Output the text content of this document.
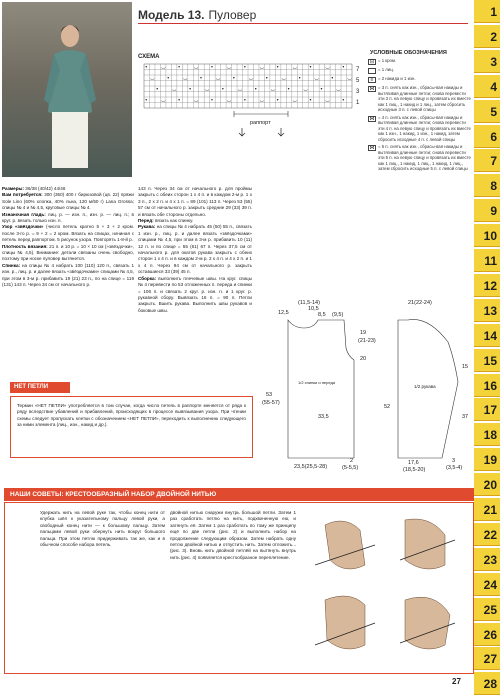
Модель 13. Пуловер
СХЕМА
•	◡ •	◡ •	◡ •	◡ •	◡ •	◡ •
◡ •	◡ •	◡ •	◡ •	◡ •	◡ •	◡
•	◡ •	◡ •	◡ •	◡ •	◡ •	◡
•	◡ •	◡ •	◡ •	◡ •	◡ •	◡ •
7
5
3
1
раппорт
УСЛОВНЫЕ ОБОЗНАЧЕНИЯ
⊟ = 1 кром.
= 1 лиц.
≡	= 2 накида и 1 изн.
⋈ = 3 п. снять как изн., сбрасы-вая накиды и вытягивая длинные петли; снова перевести эти 3 п. на левую спицу и провязать их вместе как 1 лиц., 1 накид и 1 лиц., затем сбросить исходные 3 п. с левой спицы
⋈ = 4 п. снять как изн., сбрасы-вая накиды и вытягивая длинные петли; снова перевести эти 4 п. на левую спицу и провязать их вместе как 1 изн., 1 накид, 1 изн., 1 накид, затем сбросить исходные 4 п. с левой спицы
⋈ = 5 п. снять как изн., сбрасы-вая накиды и вытягивая длинные петли; снова перевести эти 5 п. на левую спицу и провязать их вместе как 1 лиц., 1 накид, 1 лиц., 1 накид, 1 лиц., затем сбросить исходные 5 п. с левой спицы

Размеры: 36/38 (40/42) 44/46

Вам потребуется: 300 (350) 400 г бирюзовой (цв. 22) пряжи Sole Lino (60% хлопка, 40% льна, 120 м/50 г) Lana Grossa; спицы № 4 и № 4,5, круговые спицы № 4.

Изнаночная гладь: лиц. р. — изн. п., изн. р. — лиц. п.; в круг. р. вязать только изн. п.

Узор «звёздочки» (число петель кратно 5 + 3 + 2 кром. после 3-го р. = 9 + 2 = 2 кром. Вязать на спицах, начиная с петель перед раппортом. 5 рисунок узора. Повторять 1-8-й р.

Плотность вязания: 21 п. и 10 р. = 10 × 10 см (»звёздочки», спицы № 4,5). Внимание: детали связаны очень свободно, поэтому при носке пуловер вытянется.

Спинка: на спицы № 4 набрать 100 (110) 120 п., связать 1 изн. р., лиц. р. и далее вязать «звёздочками» спицами № 4,5, при этом в 3-м р. прибавить 19 (21) 23 п., по на спице = 119 (131) 143 п. Через 34 см от начального р.

143 п. Через 34 см от начального р. для проймы закрыть с обеих сторон 1 х 4 п. и в каждом 2-м р. 1 х 3 п., 2 х 2 п. и 4 х 1 п. = 89 (101) 113 п. Через 53 (55) 57 см от начального р. закрыть средние 29 (33) 39 п. и вязать обе стороны отдельно.

Перед: вязать как спинку.

Рукава: на спицы № 4 набрать 45 (50) 55 п., связать 1 изн. р., лиц. р. и далее вязать «звёздочками» спицами № 4,5, при этом в 3-м р. прибавить 10 (11) 12 п. и по спице = 55 (61) 67 п. Через 37,5 см от начального р. для окатов рукава закрыть с обеих сторон 1 х 4 п. и в каждом 2-м р. 2 х 4 п. и 4 х 2 п. и 1 х 4 п. Через 94 см от начального р. закрыть оставшиеся 33 (39) 45 п.

Сборка: выполнить плечевые швы. На круг. спицы № 4 перевести по 53 отложенных п. переда и спинки = 106 п. и связать 2 круг. р. изн. п. и 1 круг. р. рукавной сбору. Вывязать 16 п. = 90 п. Петли закрыть. Вшить рукава. Выполнить швы рукавов и боковые швы.

(11,5-14)
12,5
10,5
8,5 (9,5)
19
(21-23)
20
53
(55-57)
33,5
1/2 спинки и переда
23,5(25,5-28)
2
(5-5,5)
21(22-24)
15
37
52
1/2 рукава
17,6
(18,5-20)
3
(3,5-4)
НЕТ ПЕТЛИ
Термин «НЕТ ПЕТЛИ» употребляется в том случае, когда число петель в раппорте меняется от ряда к ряду вследствие убавлений и прибавлений, происходящих в процессе вывязывания узора. При чтении схемы следует пропускать клетки с обозначением «НЕТ ПЕТЛИ», переходить к выполнению следующего за ними элемента (лиц., изн., накид и др.).
НАШИ СОВЕТЫ: КРЕСТООБРАЗНЫЙ НАБОР ДВОЙНОЙ НИТЬЮ
Удержать нить на левой руке так, чтобы конец нити от клубка шёл к указательному пальцу левой руки, а свободный конец нити — к большому пальцу. Затем пальцами левой руки обернуть нить вокруг большого пальца. При этом петлю придерживать так же, как и в обычном способе набора петель.
двойной нитью снаружи внутрь большой петли. Затем 1 раз сработать петлю на нить, подхваченную ею, и затянуть её. Затем 1 раз сработать по тому же принципу ещё по две петли (рис. 2) и выполнить набор на продолжение следующим образом. Затем набрать одну петлю двойной нитью и отпустить нить. Затем отложить... (рис. 3). Вновь нить двойной петлёй на вытянуть внутрь нить (рис. 4) появляется крестообразное переплетение.
27
1
2
3
4
5
6
7
8
9
10
11
12
13
14
15
16
17
18
19
20
21
22
23
24
25
26
27
28
